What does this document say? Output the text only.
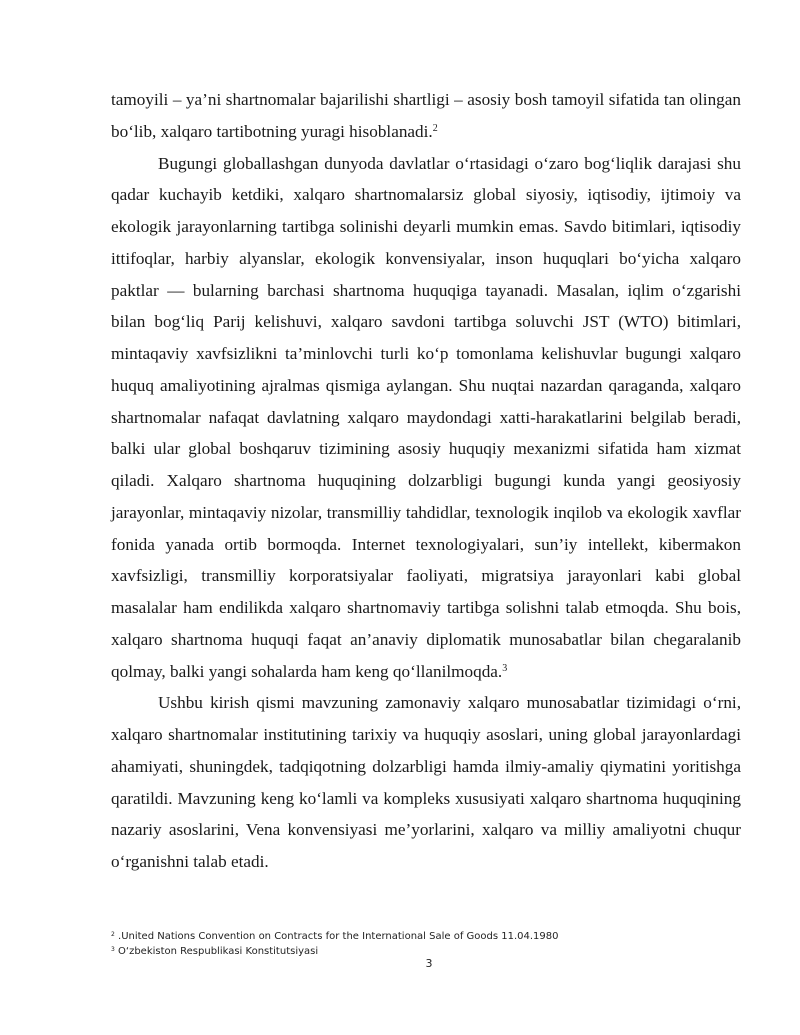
tamoyili – ya’ni shartnomalar bajarilishi shartligi – asosiy bosh tamoyil sifatida tan olingan bo‘lib, xalqaro tartibotning yuragi hisoblanadi.$^2$

Bugungi globallashgan dunyoda davlatlar o‘rtasidagi o‘zaro bog‘liqlik darajasi shu qadar kuchayib ketdiki, xalqaro shartnomalarsiz global siyosiy, iqtisodiy, ijtimoiy va ekologik jarayonlarning tartibga solinishi deyarli mumkin emas. Savdo bitimlari, iqtisodiy ittifoqlar, harbiy alyanslar, ekologik konvensiyalar, inson huquqlari bo‘yicha xalqaro paktlar — bularning barchasi shartnoma huquqiga tayanadi. Masalan, iqlim o‘zgarishi bilan bog‘liq Parij kelishuvi, xalqaro savdoni tartibga soluvchi JST (WTO) bitimlari, mintaqaviy xavfsizlikni ta’minlovchi turli ko‘p tomonlama kelishuvlar bugungi xalqaro huquq amaliyotining ajralmas qismiga aylangan. Shu nuqtai nazardan qaraganda, xalqaro shartnomalar nafaqat davlatning xalqaro maydondagi xatti-harakatlarini belgilab beradi, balki ular global boshqaruv tizimining asosiy huquqiy mexanizmi sifatida ham xizmat qiladi. Xalqaro shartnoma huquqining dolzarbligi bugungi kunda yangi geosiyosiy jarayonlar, mintaqaviy nizolar, transmilliy tahdidlar, texnologik inqilob va ekologik xavflar fonida yanada ortib bormoqda. Internet texnologiyalari, sun’iy intellekt, kibermakon xavfsizligi, transmilliy korporatsiyalar faoliyati, migratsiya jarayonlari kabi global masalalar ham endilikda xalqaro shartnomaviy tartibga solishni talab etmoqda. Shu bois, xalqaro shartnoma huquqi faqat an’anaviy diplomatik munosabatlar bilan chegaralanib qolmay, balki yangi sohalarda ham keng qo‘llanilmoqda.$^3$

Ushbu kirish qismi mavzuning zamonaviy xalqaro munosabatlar tizimidagi o‘rni, xalqaro shartnomalar institutining tarixiy va huquqiy asoslari, uning global jarayonlardagi ahamiyati, shuningdek, tadqiqotning dolzarbligi hamda ilmiy-amaliy qiymatini yoritishga qaratildi. Mavzuning keng ko‘lamli va kompleks xususiyati xalqaro shartnoma huquqining nazariy asoslarini, Vena konvensiyasi me’yorlarini, xalqaro va milliy amaliyotni chuqur o‘rganishni talab etadi.

$^2$ .United Nations Convention on Contracts for the International Sale of Goods 11.04.1980
$^3$ O‘zbekiston Respublikasi Konstitutsiyasi
3
